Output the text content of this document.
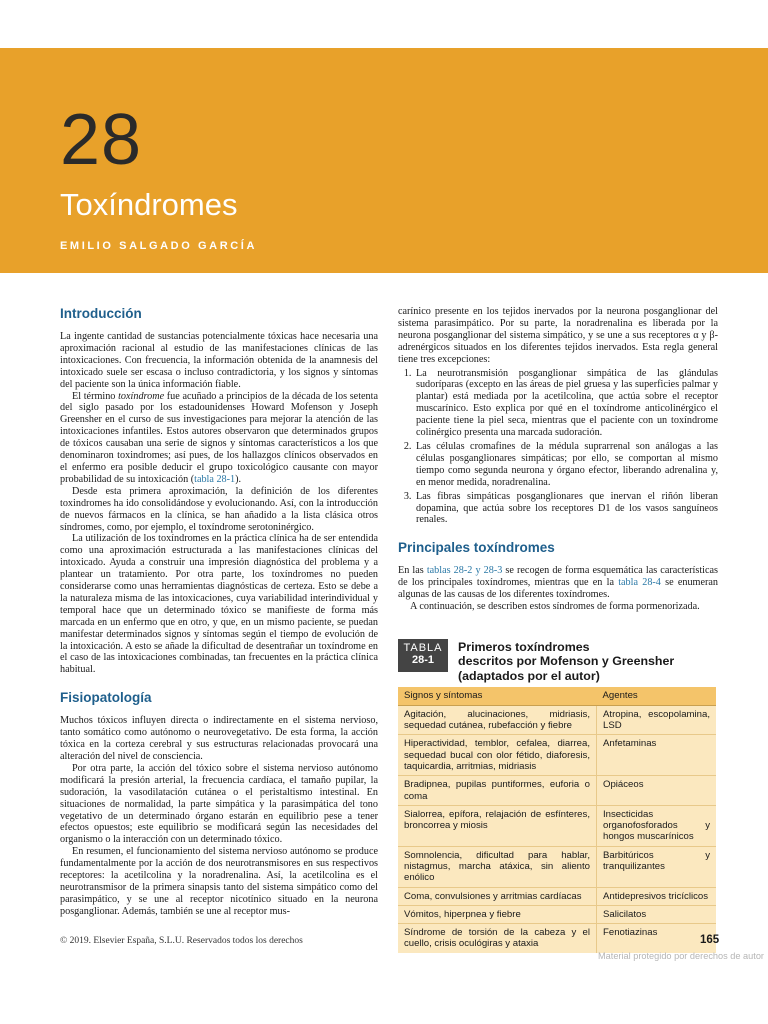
28
Toxíndromes
EMILIO SALGADO GARCÍA
Introducción

La ingente cantidad de sustancias potencialmente tóxicas hace necesaria una aproximación racional al estudio de las manifestaciones clínicas de las intoxicaciones. Con frecuencia, la información obtenida de la anamnesis del intoxicado suele ser escasa o incluso contradictoria, y los signos y síntomas del paciente son la única información fiable.

El término toxíndrome fue acuñado a principios de la década de los setenta del siglo pasado por los estadounidenses Howard Mofenson y Joseph Greensher en el curso de sus investigaciones para mejorar la atención de las intoxicaciones infantiles. Estos autores observaron que determinados grupos de tóxicos causaban una serie de signos y síntomas característicos a los que denominaron toxindromes; así pues, de los hallazgos clínicos observados en el enfermo era posible deducir el grupo toxicológico causante con mayor probabilidad de su intoxicación (tabla 28-1).

Desde esta primera aproximación, la definición de los diferentes toxindromes ha ido consolidándose y evolucionando. Así, con la introducción de nuevos fármacos en la clínica, se han añadido a la lista clásica otros síndromes, como, por ejemplo, el toxíndrome serotoninérgico.

La utilización de los toxíndromes en la práctica clínica ha de ser entendida como una aproximación estructurada a las manifestaciones clínicas del intoxicado. Ayuda a construir una impresión diagnóstica del problema y a plantear un tratamiento. Por otra parte, los toxíndromes no pueden considerarse como unas herramientas diagnósticas de certeza. Esto se debe a la naturaleza misma de las intoxicaciones, cuya variabilidad interindividual y temporal hace que un determinado tóxico se manifieste de forma más marcada en un enfermo que en otro, y que, en un mismo paciente, se puedan manifestar determinados signos y síntomas según el tiempo de evolución de la intoxicación. A esto se añade la dificultad de desentrañar un toxíndrome en el caso de las intoxicaciones combinadas, tan frecuentes en la práctica clínica habitual.

Fisiopatología

Muchos tóxicos influyen directa o indirectamente en el sistema nervioso, tanto somático como autónomo o neurovegetativo. De esta forma, la acción tóxica en la corteza cerebral y sus estructuras relacionadas provocará una alteración del nivel de consciencia.

Por otra parte, la acción del tóxico sobre el sistema nervioso autónomo modificará la presión arterial, la frecuencia cardíaca, el tamaño pupilar, la sudoración, la vasodilatación cutánea o el peristaltismo intestinal. En situaciones de normalidad, la parte simpática y la parasimpática del tono vegetativo de un determinado órgano estarán en equilibrio pese a tener efectos opuestos; este equilibrio se modificará según las necesidades del organismo o la interacción con un determinado tóxico.

En resumen, el funcionamiento del sistema nervioso autónomo se produce fundamentalmente por la acción de dos neurotransmisores en sus respectivos receptores: la acetilcolina y la noradrenalina. Así, la acetilcolina es el neurotransmisor de la primera sinapsis tanto del sistema simpático como del parasimpático, y se une al receptor nicotínico situado en la neurona posganglionar. Además, también se une al receptor mus-

carínico presente en los tejidos inervados por la neurona posganglionar del sistema parasimpático. Por su parte, la noradrenalina es liberada por la neurona posganglionar del sistema simpático, y se une a sus receptores α y β-adrenérgicos situados en los diferentes tejidos inervados. Esta regla general tiene tres excepciones:

1. La neurotransmisión posganglionar simpática de las glándulas sudoríparas (excepto en las áreas de piel gruesa y las superficies palmar y plantar) está mediada por la acetilcolina, que actúa sobre el receptor muscarínico. Esto explica por qué en el toxíndrome anticolinérgico el paciente tiene la piel seca, mientras que el paciente con un toxíndrome colinérgico presenta una marcada sudoración.
2. Las células cromafines de la médula suprarrenal son análogas a las células posganglionares simpáticas; por ello, se comportan al mismo tiempo como segunda neurona y órgano efector, liberando adrenalina y, en menor medida, noradrenalina.
3. Las fibras simpáticas posganglionares que inervan el riñón liberan dopamina, que actúa sobre los receptores D1 de los vasos sanguíneos renales.
Principales toxíndromes

En las tablas 28-2 y 28-3 se recogen de forma esquemática las características de los principales toxíndromes, mientras que en la tabla 28-4 se enumeran algunas de las causas de los diferentes toxíndromes.

A continuación, se describen estos síndromes de forma pormenorizada.

TABLA
28-1
Primeros toxíndromes
descritos por Mofenson y Greensher
(adaptados por el autor)
Signos y síntomas	Agentes
Agitación, alucinaciones, midriasis, sequedad cutánea, rubefacción y fiebre	Atropina, escopolamina, LSD
Hiperactividad, temblor, cefalea, diarrea, sequedad bucal con olor fétido, diaforesis, taquicardia, arritmias, midriasis	Anfetaminas
Bradipnea, pupilas puntiformes, euforia o coma	Opiáceos
Sialorrea, epífora, relajación de esfínteres, broncorrea y miosis	Insecticidas organofosforados y hongos muscarínicos
Somnolencia, dificultad para hablar, nistagmus, marcha atáxica, sin aliento enólico	Barbitúricos y tranquilizantes
Coma, convulsiones y arritmias cardíacas	Antidepresivos tricíclicos
Vómitos, hiperpnea y fiebre	Salicilatos
Síndrome de torsión de la cabeza y el cuello, crisis oculógiras y ataxia	Fenotiazinas
© 2019. Elsevier España, S.L.U. Reservados todos los derechos	165
Material protegido por derechos de autor
